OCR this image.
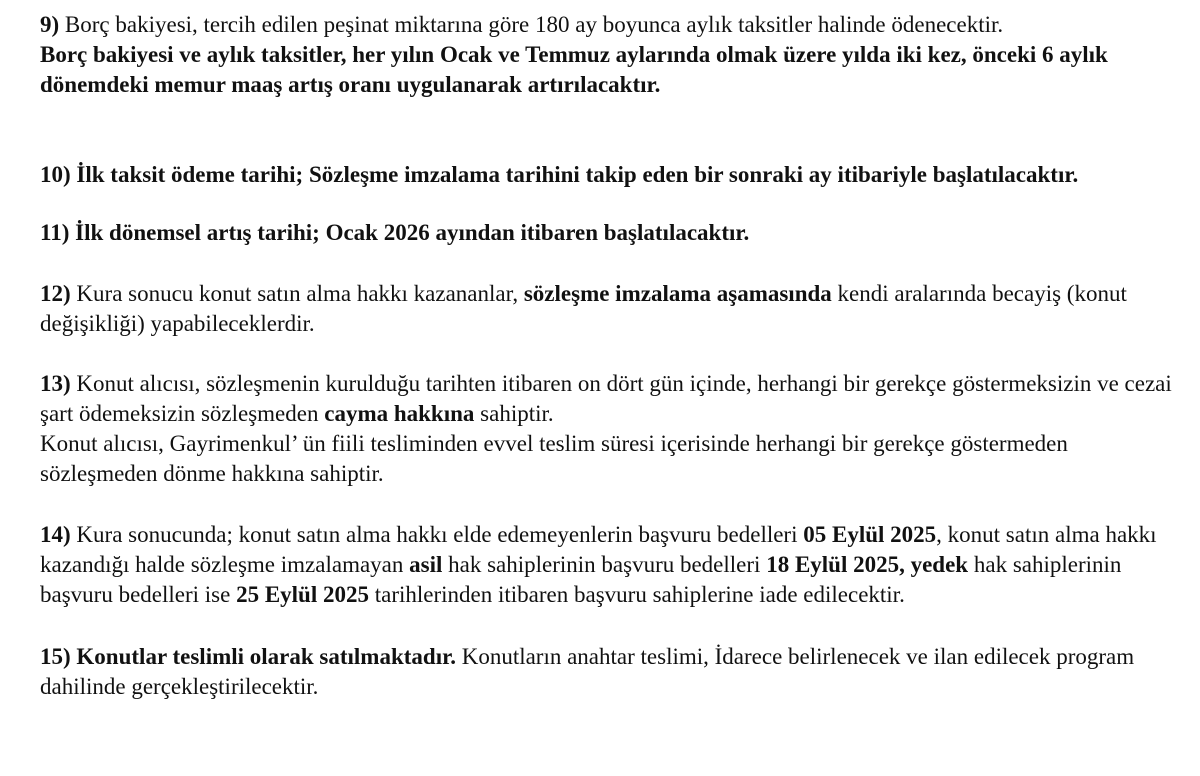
9) Borç bakiyesi, tercih edilen peşinat miktarına göre 180 ay boyunca aylık taksitler halinde ödenecektir.

Borç bakiyesi ve aylık taksitler, her yılın Ocak ve Temmuz aylarında olmak üzere yılda iki kez, önceki 6 aylık dönemdeki memur maaş artış oranı uygulanarak artırılacaktır.

10) İlk taksit ödeme tarihi; Sözleşme imzalama tarihini takip eden bir sonraki ay itibariyle başlatılacaktır.

11) İlk dönemsel artış tarihi; Ocak 2026 ayından itibaren başlatılacaktır.

12) Kura sonucu konut satın alma hakkı kazananlar, sözleşme imzalama aşamasında kendi aralarında becayiş (konut değişikliği) yapabileceklerdir.

13) Konut alıcısı, sözleşmenin kurulduğu tarihten itibaren on dört gün içinde, herhangi bir gerekçe göstermeksizin ve cezai şart ödemeksizin sözleşmeden cayma hakkına sahiptir.

Konut alıcısı, Gayrimenkul’ ün fiili tesliminden evvel teslim süresi içerisinde herhangi bir gerekçe göstermeden sözleşmeden dönme hakkına sahiptir.

14) Kura sonucunda; konut satın alma hakkı elde edemeyenlerin başvuru bedelleri 05 Eylül 2025, konut satın alma hakkı kazandığı halde sözleşme imzalamayan asil hak sahiplerinin başvuru bedelleri 18 Eylül 2025, yedek hak sahiplerinin başvuru bedelleri ise 25 Eylül 2025 tarihlerinden itibaren başvuru sahiplerine iade edilecektir.

15) Konutlar teslimli olarak satılmaktadır. Konutların anahtar teslimi, İdarece belirlenecek ve ilan edilecek program dahilinde gerçekleştirilecektir.
